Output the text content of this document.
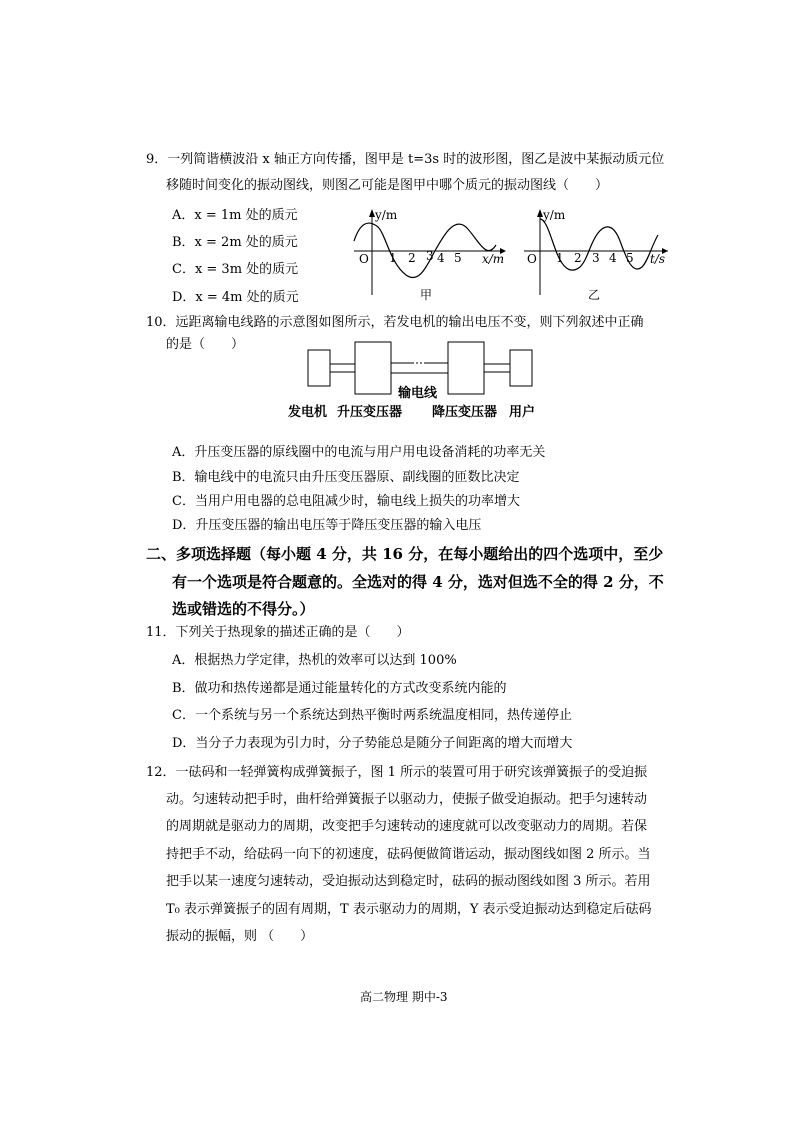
9．一列简谐横波沿 x 轴正方向传播，图甲是 t=3s 时的波形图，图乙是波中某振动质元位
移随时间变化的振动图线，则图乙可能是图甲中哪个质元的振动图线（　　）
A．x = 1m 处的质元
B．x = 2m 处的质元
C．x = 3m 处的质元
D．x = 4m 处的质元
y/m
O 1 2 3 4 5 x/m
甲
y/m
O 1 2 3 4 5 t/s
乙
10．远距离输电线路的示意图如图所示，若发电机的输出电压不变，则下列叙述中正确
的是（　　）
输电线
发电机 升压变压器 降压变压器 用户
A．升压变压器的原线圈中的电流与用户用电设备消耗的功率无关
B．输电线中的电流只由升压变压器原、副线圈的匝数比决定
C．当用户用电器的总电阻减少时，输电线上损失的功率增大
D．升压变压器的输出电压等于降压变压器的输入电压
二、多项选择题（每小题 4 分，共 16 分，在每小题给出的四个选项中，至少
有一个选项是符合题意的。全选对的得 4 分，选对但选不全的得 2 分，不
选或错选的不得分。）
11．下列关于热现象的描述正确的是（　　）
A．根据热力学定律，热机的效率可以达到 100%
B．做功和热传递都是通过能量转化的方式改变系统内能的
C．一个系统与另一个系统达到热平衡时两系统温度相同，热传递停止
D．当分子力表现为引力时，分子势能总是随分子间距离的增大而增大
12．一砝码和一轻弹簧构成弹簧振子，图 1 所示的装置可用于研究该弹簧振子的受迫振
动。匀速转动把手时，曲杆给弹簧振子以驱动力，使振子做受迫振动。把手匀速转动
的周期就是驱动力的周期，改变把手匀速转动的速度就可以改变驱动力的周期。若保
持把手不动，给砝码一向下的初速度，砝码便做简谐运动，振动图线如图 2 所示。当
把手以某一速度匀速转动，受迫振动达到稳定时，砝码的振动图线如图 3 所示。若用
T₀ 表示弹簧振子的固有周期，T 表示驱动力的周期，Y 表示受迫振动达到稳定后砝码
振动的振幅，则 （　　）
高二物理 期中-3
